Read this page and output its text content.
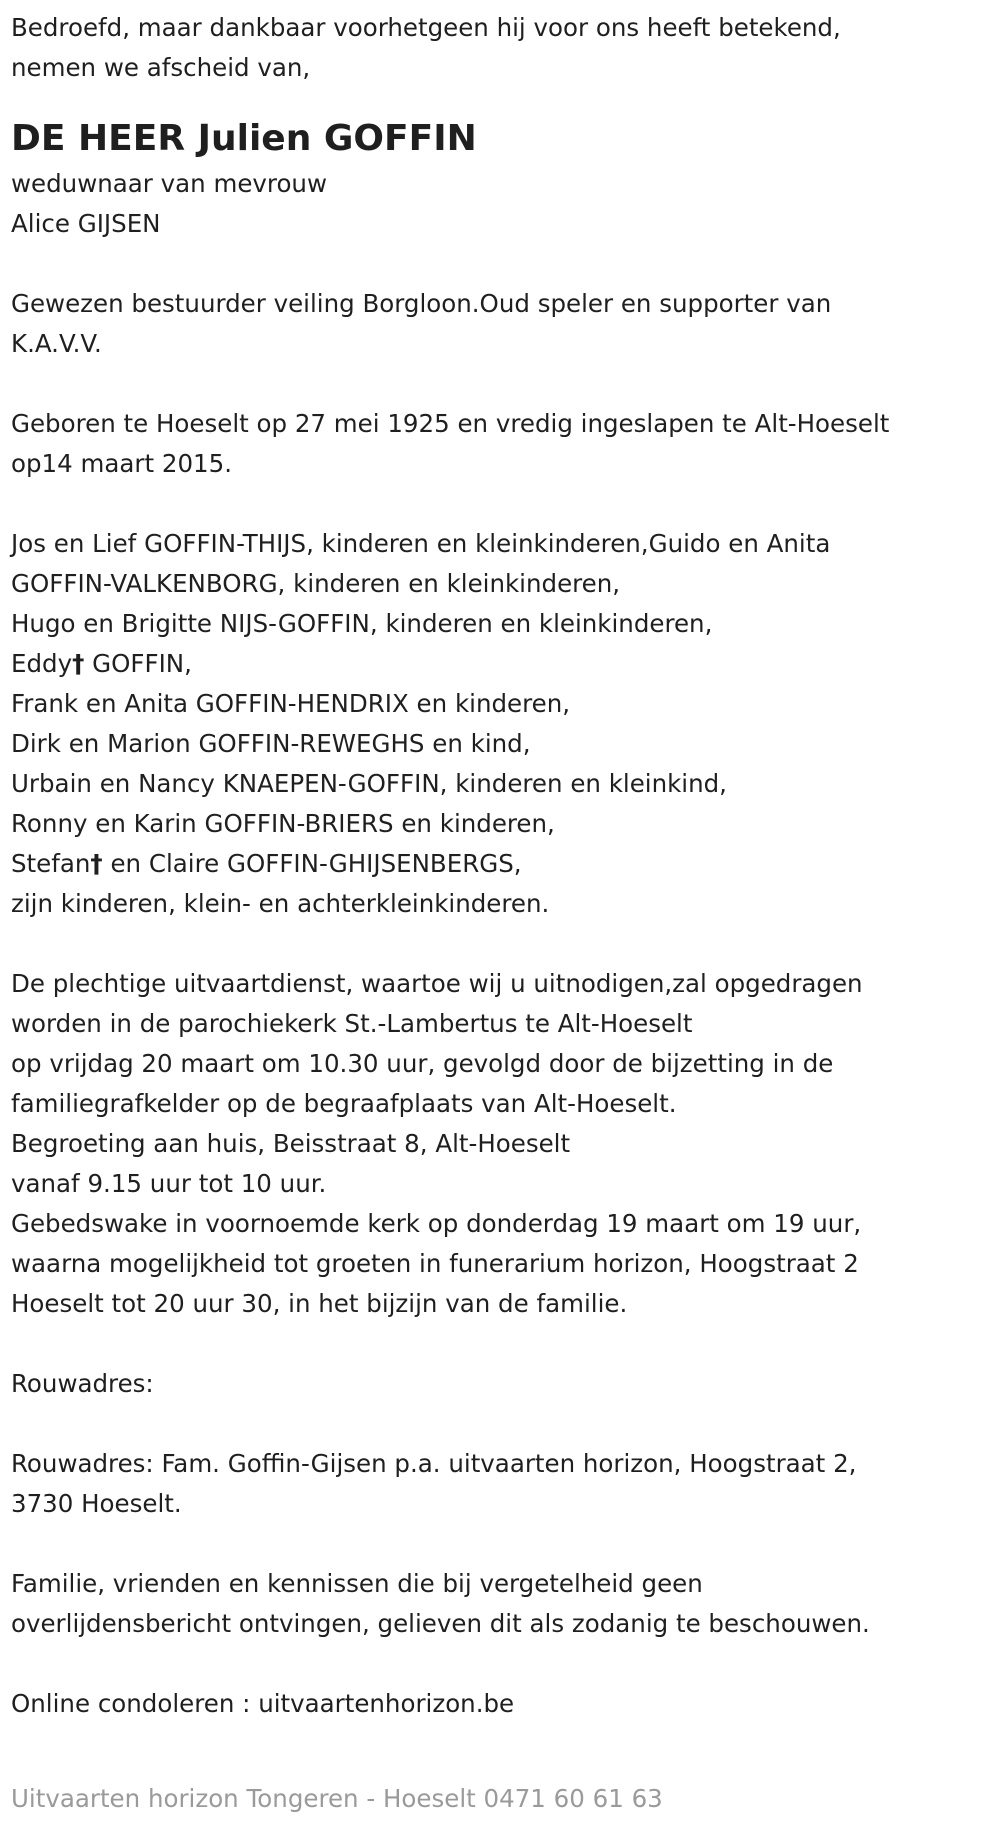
Bedroefd, maar dankbaar voorhetgeen hij voor ons heeft betekend,
nemen we afscheid van,
DE HEER Julien GOFFIN
weduwnaar van mevrouw
Alice GIJSEN
Gewezen bestuurder veiling Borgloon.Oud speler en supporter van
K.A.V.V.
Geboren te Hoeselt op 27 mei 1925 en vredig ingeslapen te Alt-Hoeselt
op14 maart 2015.
Jos en Lief GOFFIN-THIJS, kinderen en kleinkinderen,Guido en Anita
GOFFIN-VALKENBORG, kinderen en kleinkinderen,
Hugo en Brigitte NIJS-GOFFIN, kinderen en kleinkinderen,
Eddy† GOFFIN,
Frank en Anita GOFFIN-HENDRIX en kinderen,
Dirk en Marion GOFFIN-REWEGHS en kind,
Urbain en Nancy KNAEPEN-GOFFIN, kinderen en kleinkind,
Ronny en Karin GOFFIN-BRIERS en kinderen,
Stefan† en Claire GOFFIN-GHIJSENBERGS,
zijn kinderen, klein- en achterkleinkinderen.
De plechtige uitvaartdienst, waartoe wij u uitnodigen,zal opgedragen
worden in de parochiekerk St.-Lambertus te Alt-Hoeselt
op vrijdag 20 maart om 10.30 uur, gevolgd door de bijzetting in de
familiegrafkelder op de begraafplaats van Alt-Hoeselt.
Begroeting aan huis, Beisstraat 8, Alt-Hoeselt
vanaf 9.15 uur tot 10 uur.
Gebedswake in voornoemde kerk op donderdag 19 maart om 19 uur,
waarna mogelijkheid tot groeten in funerarium horizon, Hoogstraat 2
Hoeselt tot 20 uur 30, in het bijzijn van de familie.
Rouwadres:
Rouwadres: Fam. Goffin-Gijsen p.a. uitvaarten horizon, Hoogstraat 2,
3730 Hoeselt.
Familie, vrienden en kennissen die bij vergetelheid geen
overlijdensbericht ontvingen, gelieven dit als zodanig te beschouwen.
Online condoleren : uitvaartenhorizon.be
Uitvaarten horizon Tongeren - Hoeselt 0471 60 61 63
